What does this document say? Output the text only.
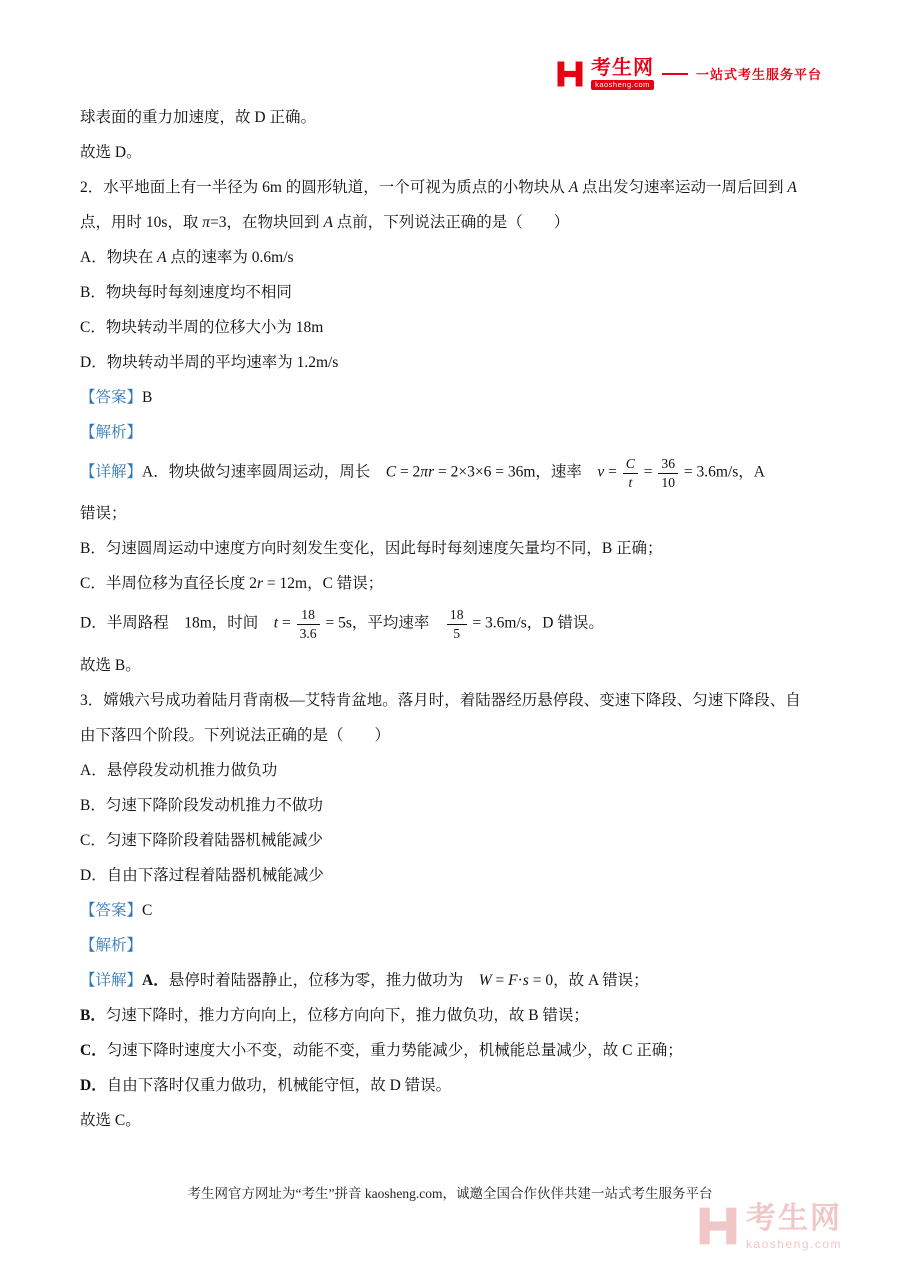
考生网
kaosheng.com
一站式考生服务平台
球表面的重力加速度，故 D 正确。
故选 D。
2．水平地面上有一半径为 6m 的圆形轨道，一个可视为质点的小物块从 A 点出发匀速率运动一周后回到 A
点，用时 10s，取 π=3，在物块回到 A 点前，下列说法正确的是（　　）
A．物块在 A 点的速率为 0.6m/s
B．物块每时每刻速度均不相同
C．物块转动半周的位移大小为 18m
D．物块转动半周的平均速率为 1.2m/s
【答案】B
【解析】
【详解】A．物块做匀速率圆周运动，周长　C = 2πr = 2×3×6 = 36m，速率　$v = \frac{C}{t} = \frac{36}{10} = 3.6m/s$，A
错误；
B．匀速圆周运动中速度方向时刻发生变化，因此每时每刻速度矢量均不同，B 正确；
C．半周位移为直径长度 2r = 12m，C 错误；
D．半周路程　18m，时间　$t = \frac{18}{3.6} = 5s$，平均速率　 $\frac{18}{5} = 3.6m/s$，D 错误。
故选 B。
3．嫦娥六号成功着陆月背南极—艾特肯盆地。落月时，着陆器经历悬停段、变速下降段、匀速下降段、自
由下落四个阶段。下列说法正确的是（　　）
A．悬停段发动机推力做负功
B．匀速下降阶段发动机推力不做功
C．匀速下降阶段着陆器机械能减少
D．自由下落过程着陆器机械能减少
【答案】C
【解析】
【详解】A．悬停时着陆器静止，位移为零，推力做功为　W = F·s = 0，故 A 错误；
B．匀速下降时，推力方向向上，位移方向向下，推力做负功，故 B 错误；
C．匀速下降时速度大小不变，动能不变，重力势能减少，机械能总量减少，故 C 正确；
D．自由下落时仅重力做功，机械能守恒，故 D 错误。
故选 C。
考生网官方网址为“考生”拼音 kaosheng.com，诚邀全国合作伙伴共建一站式考生服务平台
考生网
kaosheng.com
